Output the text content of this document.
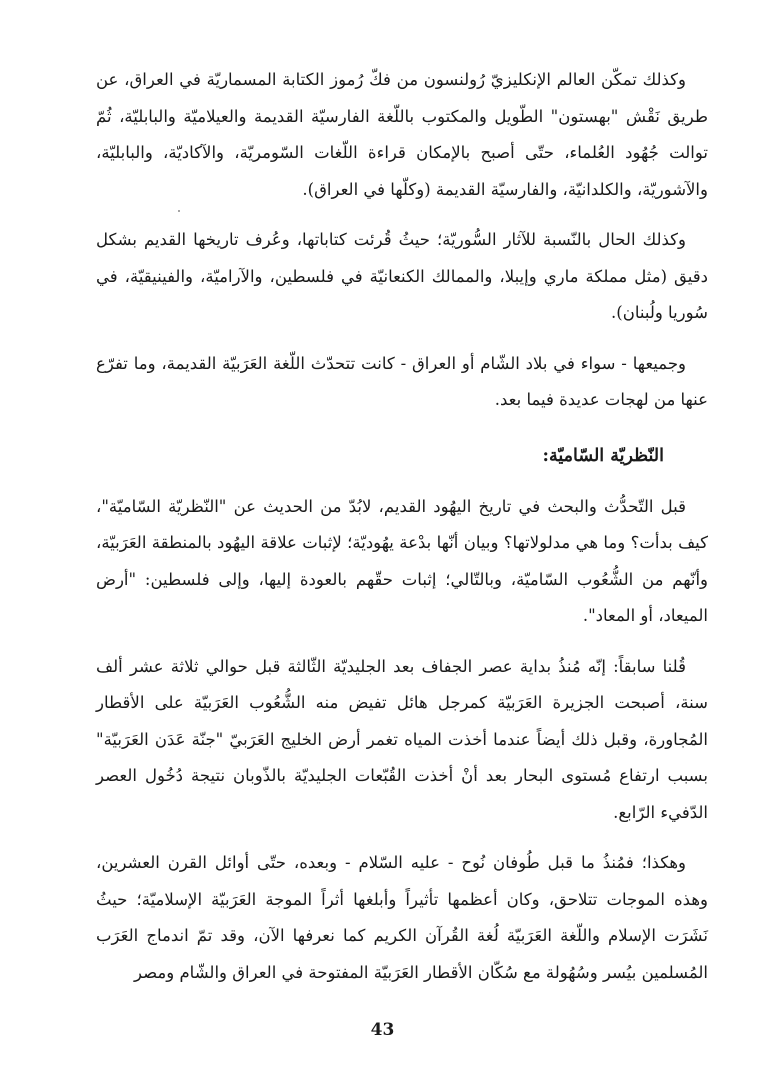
وكذلك تمكّن العالم الإنكليزيّ رُولنسون من فكّ رُموز الكتابة المسماريّة في العراق، عن طريق نَقْش "بهستون" الطّويل والمكتوب باللّغة الفارسيّة القديمة والعيلاميّة والبابليّة، ثُمّ توالت جُهُود العُلماء، حتّى أصبح بالإمكان قراءة اللّغات السّومريّة، والآكاديّة، والبابليّة، والآشوريّة، والكلدانيّة، والفارسيّة القديمة (وكلّها في العراق).

وكذلك الحال بالنّسبة للآثار السُّوريّة؛ حيثُ قُرئت كتاباتها، وعُرف تاريخها القديم بشكل دقيق (مثل مملكة ماري وإيبلا، والممالك الكنعانيّة في فلسطين، والآراميّة، والفينيقيّة، في سُوريا ولُبنان).

وجميعها - سواء في بلاد الشّام أو العراق - كانت تتحدّث اللّغة العَرَبيّة القديمة، وما تفرّع عنها من لهجات عديدة فيما بعد.

النّظريّة السّاميّة:

قبل التّحدُّث والبحث في تاريخ اليهُود القديم، لابُدّ من الحديث عن "النّظريّة السّاميّة"، كيف بدأت؟ وما هي مدلولاتها؟ وبيان أنّها بدْعة يهُوديّة؛ لإثبات علاقة اليهُود بالمنطقة العَرَبيّة، وأنّهم من الشُّعُوب السّاميّة، وبالتّالي؛ إثبات حقّهم بالعودة إليها، وإلى فلسطين: "أرض الميعاد، أو المعاد".

قُلنا سابقاً: إنّه مُنذُ بداية عصر الجفاف بعد الجليديّة الثّالثة قبل حوالي ثلاثة عشر ألف سنة، أصبحت الجزيرة العَرَبيّة كمرجل هائل تفيض منه الشُّعُوب العَرَبيّة على الأقطار المُجاورة، وقبل ذلك أيضاً عندما أخذت المياه تغمر أرض الخليج العَرَبيّ "جنّة عَدَن العَرَبيّة" بسبب ارتفاع مُستوى البحار بعد أنْ أخذت القُبّعات الجليديّة بالذّوبان نتيجة دُخُول العصر الدّفيء الرّابع.

وهكذا؛ فمُنذُ ما قبل طُوفان نُوح - عليه السّلام - وبعده، حتّى أوائل القرن العشرين، وهذه الموجات تتلاحق، وكان أعظمها تأثيراً وأبلغها أثراً الموجة العَرَبيّة الإسلاميّة؛ حيثُ نَشَرَت الإسلام واللّغة العَرَبيّة لُغة القُرآن الكريم كما نعرفها الآن، وقد تمّ اندماج العَرَب المُسلمين بيُسر وسُهُولة مع سُكّان الأقطار العَرَبيّة المفتوحة في العراق والشّام ومصر

43
